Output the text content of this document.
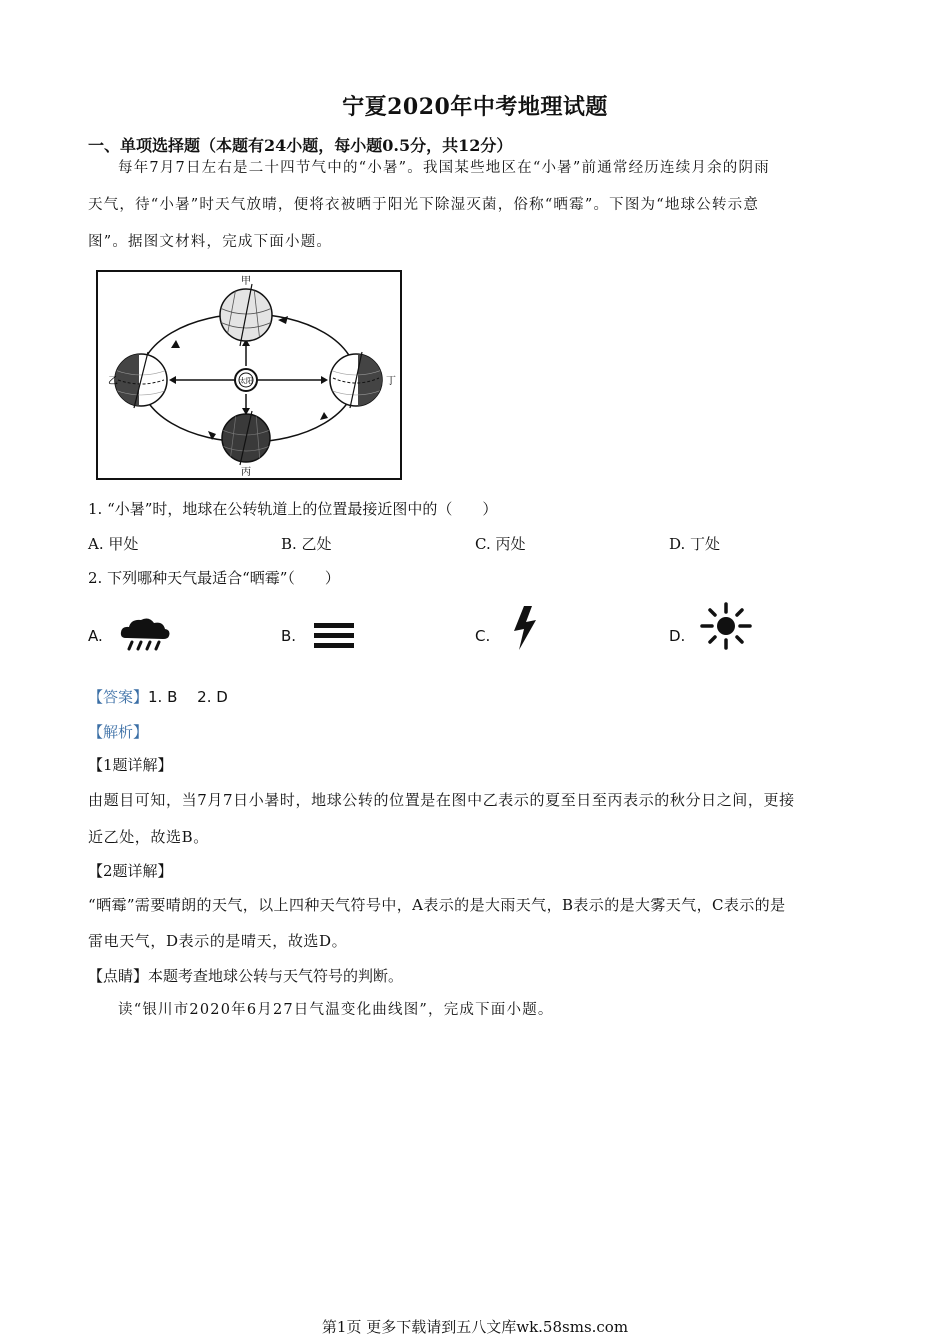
宁夏2020年中考地理试题
一、单项选择题（本题有24小题，每小题0.5分，共12分）
每年7月7日左右是二十四节气中的“小暑”。我国某些地区在“小暑”前通常经历连续月余的阴雨
天气，待“小暑”时天气放晴，便将衣被晒于阳光下除湿灭菌，俗称“晒霉”。下图为“地球公转示意
图”。据图文材料，完成下面小题。
太阳
甲
乙	丁
丙
1. “小暑”时，地球在公转轨道上的位置最接近图中的（　　）
A. 甲处	B. 乙处	C. 丙处	D. 丁处
2. 下列哪种天气最适合“晒霉”（　　）
A.	B.	C.	D.
【答案】1. B　 2. D
【解析】
【1题详解】
由题目可知，当7月7日小暑时，地球公转的位置是在图中乙表示的夏至日至丙表示的秋分日之间，更接
近乙处，故选B。
【2题详解】
“晒霉”需要晴朗的天气，以上四种天气符号中，A表示的是大雨天气，B表示的是大雾天气，C表示的是
雷电天气，D表示的是晴天，故选D。
【点睛】本题考查地球公转与天气符号的判断。
读“银川市2020年6月27日气温变化曲线图”，完成下面小题。
第1页 更多下载请到五八文库wk.58sms.com
